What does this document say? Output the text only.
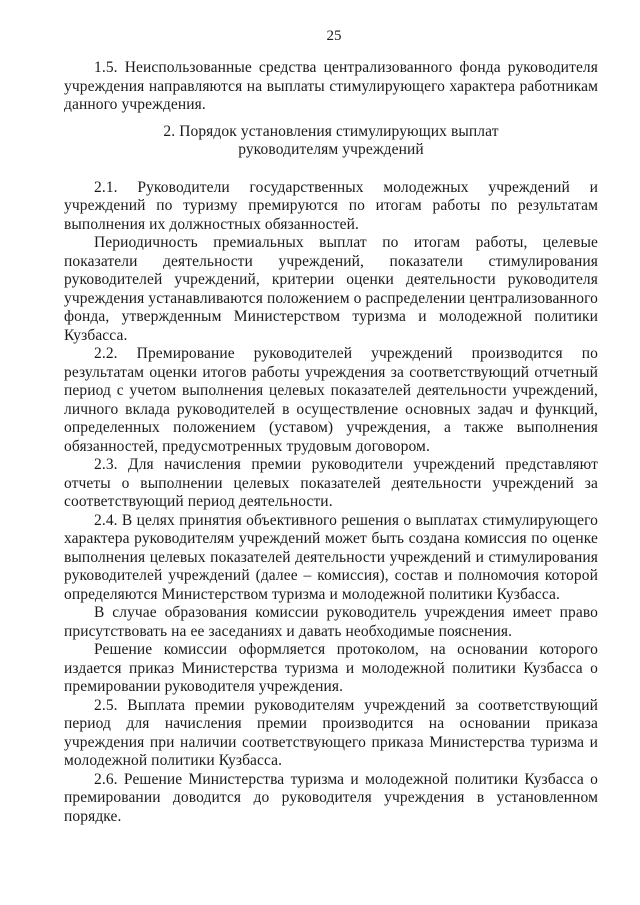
25

1.5. Неиспользованные средства централизованного фонда руководителя учреждения направляются на выплаты стимулирующего характера работникам данного учреждения.

2. Порядок установления стимулирующих выплат
руководителям учреждений

2.1. Руководители государственных молодежных учреждений и учреждений по туризму премируются по итогам работы по результатам выполнения их должностных обязанностей.

Периодичность премиальных выплат по итогам работы, целевые показатели деятельности учреждений, показатели стимулирования руководителей учреждений, критерии оценки деятельности руководителя учреждения устанавливаются положением о распределении централизованного фонда, утвержденным Министерством туризма и молодежной политики Кузбасса.

2.2. Премирование руководителей учреждений производится по результатам оценки итогов работы учреждения за соответствующий отчетный период с учетом выполнения целевых показателей деятельности учреждений, личного вклада руководителей в осуществление основных задач и функций, определенных положением (уставом) учреждения, а также выполнения обязанностей, предусмотренных трудовым договором.

2.3. Для начисления премии руководители учреждений представляют отчеты о выполнении целевых показателей деятельности учреждений за соответствующий период деятельности.

2.4. В целях принятия объективного решения о выплатах стимулирующего характера руководителям учреждений может быть создана комиссия по оценке выполнения целевых показателей деятельности учреждений и стимулирования руководителей учреждений (далее – комиссия), состав и полномочия которой определяются Министерством туризма и молодежной политики Кузбасса.

В случае образования комиссии руководитель учреждения имеет право присутствовать на ее заседаниях и давать необходимые пояснения.

Решение комиссии оформляется протоколом, на основании которого издается приказ Министерства туризма и молодежной политики Кузбасса о премировании руководителя учреждения.

2.5. Выплата премии руководителям учреждений за соответствующий период для начисления премии производится на основании приказа учреждения при наличии соответствующего приказа Министерства туризма и молодежной политики Кузбасса.

2.6. Решение Министерства туризма и молодежной политики Кузбасса о премировании доводится до руководителя учреждения в установленном порядке.
